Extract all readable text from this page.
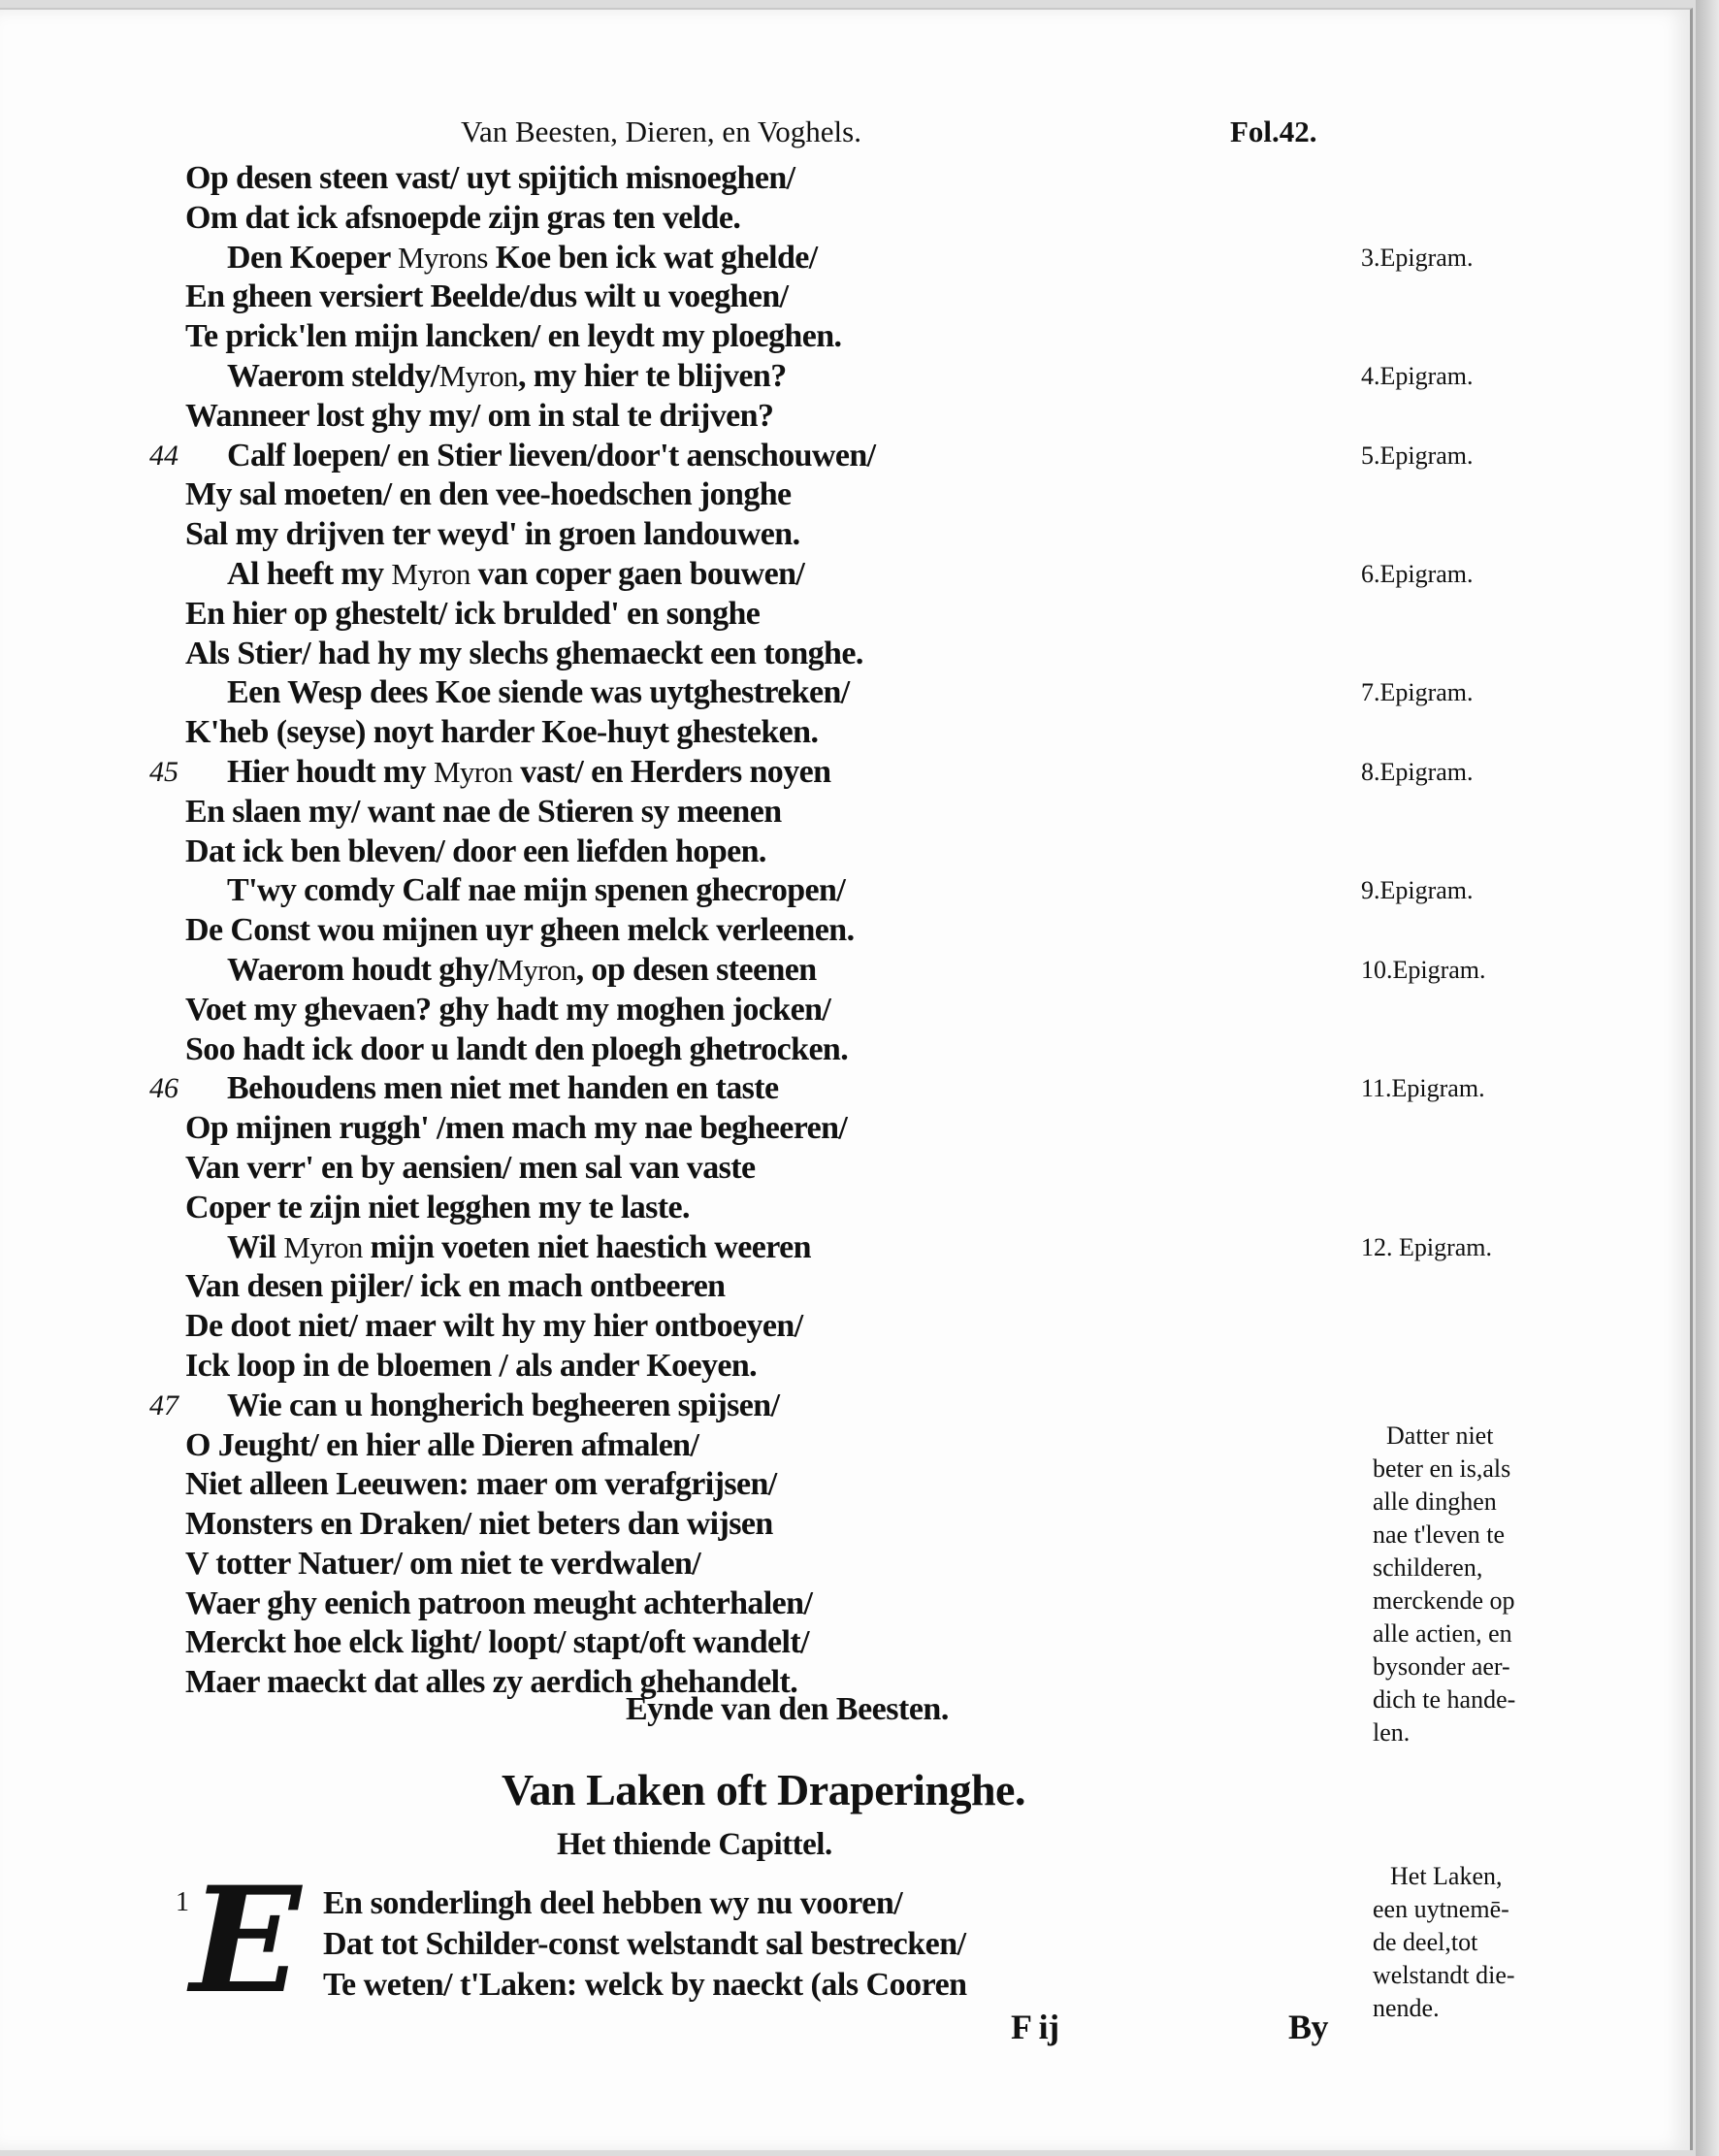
Van Beesten, Dieren, en Voghels.	Fol.42.
Op desen steen vast/ uyt spijtich misnoeghen/
Om dat ick afsnoepde zijn gras ten velde.
Den Koeper Myrons Koe ben ick wat ghelde/	3.Epigram.
En gheen versiert Beelde/dus wilt u voeghen/
Te prick'len mijn lancken/ en leydt my ploeghen.
Waerom steldy/Myron, my hier te blijven?	4.Epigram.
Wanneer lost ghy my/ om in stal te drijven?
44 Calf loepen/ en Stier lieven/door't aenschouwen/	5.Epigram.
My sal moeten/ en den vee-hoedschen jonghe
Sal my drijven ter weyd' in groen landouwen.
Al heeft my Myron van coper gaen bouwen/	6.Epigram.
En hier op ghestelt/ ick brulded' en songhe
Als Stier/ had hy my slechs ghemaeckt een tonghe.
Een Wesp dees Koe siende was uytghestreken/	7.Epigram.
K'heb (seyse) noyt harder Koe-huyt ghesteken.
45 Hier houdt my Myron vast/ en Herders noyen	8.Epigram.
En slaen my/ want nae de Stieren sy meenen
Dat ick ben bleven/ door een liefden hopen.
T'wy comdy Calf nae mijn spenen ghecropen/	9.Epigram.
De Const wou mijnen uyr gheen melck verleenen.
Waerom houdt ghy/Myron, op desen steenen	10.Epigram.
Voet my ghevaen? ghy hadt my moghen jocken/
Soo hadt ick door u landt den ploegh ghetrocken.
46 Behoudens men niet met handen en taste	11.Epigram.
Op mijnen ruggh' /men mach my nae begheeren/
Van verr' en by aensien/ men sal van vaste
Coper te zijn niet legghen my te laste.
Wil Myron mijn voeten niet haestich weeren	12. Epigram.
Van desen pijler/ ick en mach ontbeeren
De doot niet/ maer wilt hy my hier ontboeyen/
Ick loop in de bloemen / als ander Koeyen.
47 Wie can u hongherich begheeren spijsen/
O Jeught/ en hier alle Dieren afmalen/
Niet alleen Leeuwen: maer om verafgrijsen/
Monsters en Draken/ niet beters dan wijsen
V totter Natuer/ om niet te verdwalen/
Waer ghy eenich patroon meught achterhalen/
Merckt hoe elck light/ loopt/ stapt/oft wandelt/
Maer maeckt dat alles zy aerdich ghehandelt.
Eynde van den Beesten.
Van Laken oft Draperinghe.
Het thiende Capittel.
1 E En sonderlingh deel hebben wy nu vooren/
Dat tot Schilder-const welstandt sal bestrecken/
Te weten/ t'Laken: welck by naeckt (als Cooren
Datter niet
beter en is,als
alle dinghen
nae t'leven te
schilderen,
merckende op
alle actien, en
bysonder aer-
dich te hande-
len.
Het Laken,
een uytnemē-
de deel,tot
welstandt die-
nende.
F ij	By
